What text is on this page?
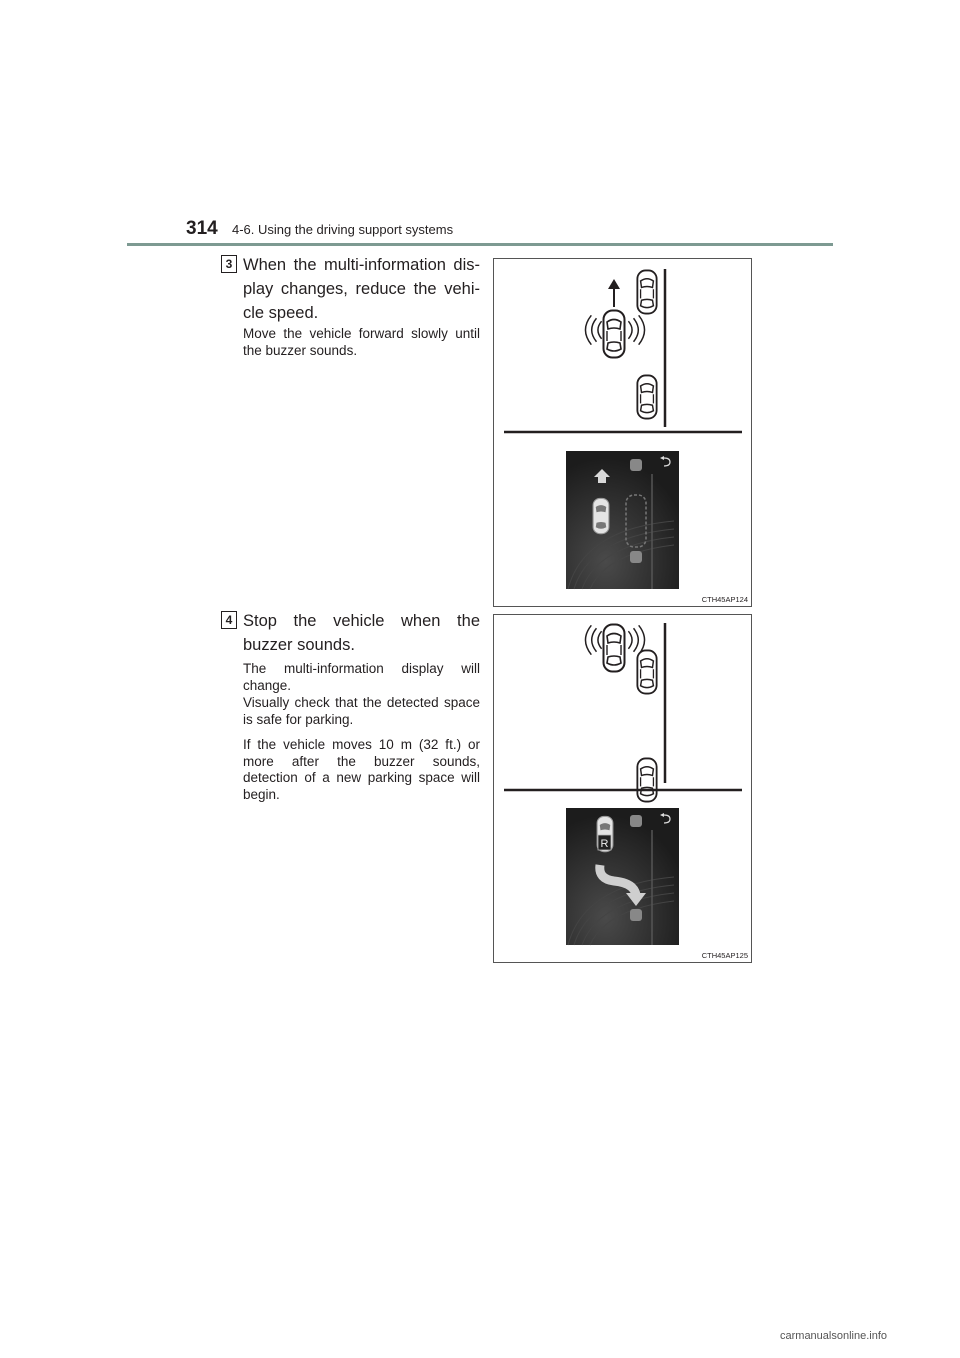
314 4-6. Using the driving support systems
3 When the multi-information dis-play changes, reduce the vehi-cle speed.

Move the vehicle forward slowly until the buzzer sounds.

CTH45AP124
4 Stop the vehicle when the buzzer sounds.

The multi-information display will change.

Visually check that the detected space is safe for parking.

If the vehicle moves 10 m (32 ft.) or more after the buzzer sounds, detection of a new parking space will begin.

R
CTH45AP125
carmanualsonline.info
